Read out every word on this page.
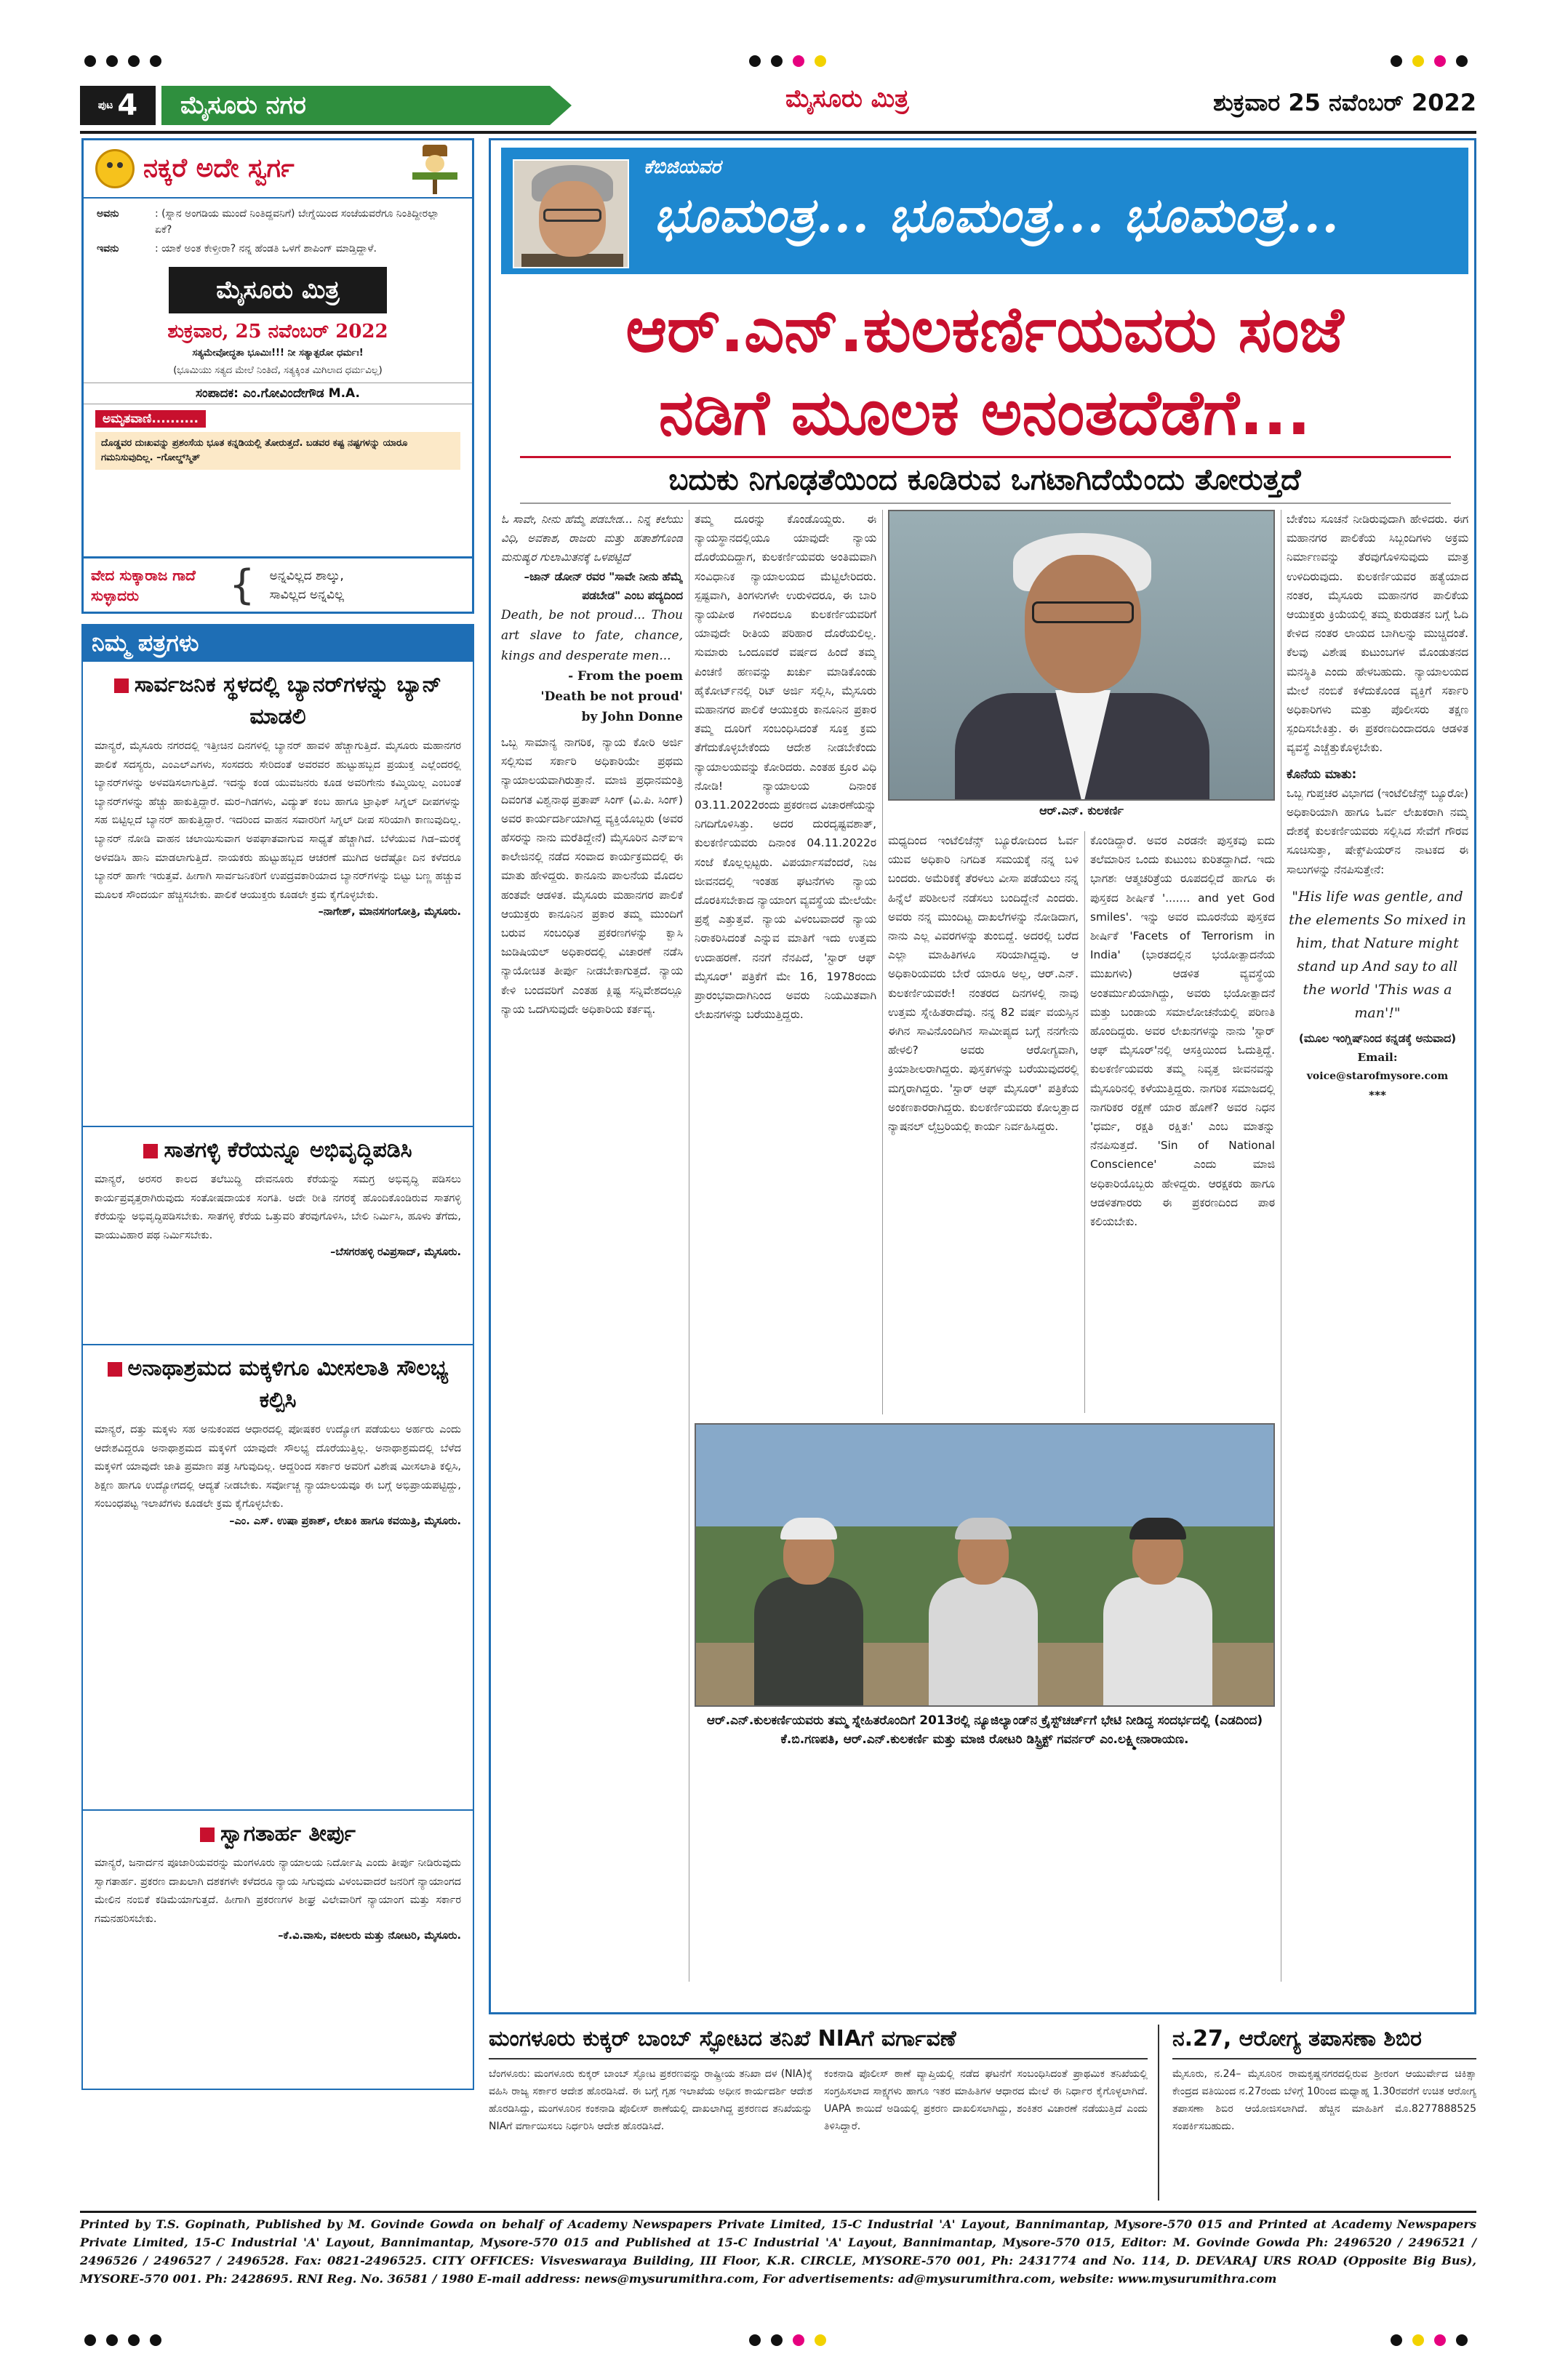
ಪುಟ 4 ಮೈಸೂರು ನಗರ	ಮೈಸೂರು ಮಿತ್ರ	ಶುಕ್ರವಾರ 25 ನವೆಂಬರ್ 2022
ನಕ್ಕರೆ ಅದೇ ಸ್ವರ್ಗ
ಅವನು	: (ಸ್ನಾನ ಅಂಗಡಿಯ ಮುಂದೆ ನಿಂತಿದ್ದವನಿಗೆ) ಬೇಗ್ನೆಯಿಂದ ಸಂಜೆಯವರೆಗೂ ನಿಂತಿದ್ದೀರಲ್ಲಾ ಏಕೆ?
ಇವನು	: ಯಾಕೆ ಅಂತ ಕೇಳ್ತೀರಾ? ನನ್ನ ಹೆಂಡತಿ ಒಳಗೆ ಶಾಪಿಂಗ್ ಮಾಡ್ತಿದ್ದಾಳೆ.
ಮೈಸೂರು ಮಿತ್ರ
ಶುಕ್ರವಾರ, 25 ನವೆಂಬರ್ 2022
ಸತ್ಯಮೇವೋದ್ಧತಾ ಭೂಮಿಃ!!! ನೀ ಸತ್ಯಾತ್ಪರೋ ಧರ್ಮಃ!
(ಭೂಮಿಯು ಸತ್ಯದ ಮೇಲೆ ನಿಂತಿದೆ, ಸತ್ಯಕ್ಕಿಂತ ಮಿಗಿಲಾದ ಧರ್ಮವಿಲ್ಲ)
ಸಂಪಾದಕ: ಎಂ.ಗೋವಿಂದೇಗೌಡ M.A.
ಅಮೃತವಾಣಿ..........
ದೊಡ್ಡವರ ದುಃಖವನ್ನು ಪ್ರಶಂಸೆಯ ಭೂತ ಕನ್ನಡಿಯಲ್ಲಿ ತೋರುತ್ತದೆ. ಬಡವರ ಕಷ್ಟ ನಷ್ಟಗಳನ್ನು ಯಾರೂ ಗಮನಿಸುವುದಿಲ್ಲ. –ಗೋಲ್ಡ್‌ಸ್ಮಿತ್
ವೇದ ಸುಕ್ಕಾರಾಜ ಗಾದೆ ಸುಳ್ಳಾದರು	{ ಅನ್ನವಿಲ್ಲದ ಶಾಲ್ಕು,
ಸಾವಿಲ್ಲದ ಅನ್ನವಿಲ್ಲ
ನಿಮ್ಮ ಪತ್ರಗಳು
ಸಾರ್ವಜನಿಕ ಸ್ಥಳದಲ್ಲಿ ಬ್ಯಾನರ್‌ಗಳನ್ನು ಬ್ಯಾನ್ ಮಾಡಲಿ
ಮಾನ್ಯರೆ, ಮೈಸೂರು ನಗರದಲ್ಲಿ ಇತ್ತೀಚಿನ ದಿನಗಳಲ್ಲಿ ಬ್ಯಾನರ್ ಹಾವಳಿ ಹೆಚ್ಚಾಗುತ್ತಿದೆ. ಮೈಸೂರು ಮಹಾನಗರ ಪಾಲಿಕೆ ಸದಸ್ಯರು, ಎಂಎಲ್‌ಎಗಳು, ಸಂಸದರು ಸೇರಿದಂತೆ ಅವರವರ ಹುಟ್ಟುಹಬ್ಬದ ಪ್ರಯುಕ್ತ ಎಲ್ಲೆಂದರಲ್ಲಿ ಬ್ಯಾನರ್‌ಗಳನ್ನು ಅಳವಡಿಸಲಾಗುತ್ತಿದೆ. ಇದನ್ನು ಕಂಡ ಯುವಜನರು ಕೂಡ ಅವರಿಗೇನು ಕಮ್ಮಿಯಿಲ್ಲ ಎಂಬಂತೆ ಬ್ಯಾನರ್‌ಗಳನ್ನು ಹೆಚ್ಚು ಹಾಕುತ್ತಿದ್ದಾರೆ. ಮರ–ಗಿಡಗಳು, ವಿದ್ಯುತ್ ಕಂಬ ಹಾಗೂ ಟ್ರಾಫಿಕ್ ಸಿಗ್ನಲ್ ದೀಪಗಳನ್ನು ಸಹ ಬಿಟ್ಟಿಲ್ಲದೆ ಬ್ಯಾನರ್ ಹಾಕುತ್ತಿದ್ದಾರೆ. ಇದರಿಂದ ವಾಹನ ಸವಾರರಿಗೆ ಸಿಗ್ನಲ್ ದೀಪ ಸರಿಯಾಗಿ ಕಾಣುವುದಿಲ್ಲ. ಬ್ಯಾನರ್ ನೋಡಿ ವಾಹನ ಚಲಾಯಿಸುವಾಗ ಅಪಘಾತವಾಗುವ ಸಾಧ್ಯತೆ ಹೆಚ್ಚಾಗಿದೆ. ಬೆಳೆಯುವ ಗಿಡ–ಮರಕ್ಕೆ ಅಳವಡಿಸಿ ಹಾನಿ ಮಾಡಲಾಗುತ್ತಿದೆ. ನಾಯಕರು ಹುಟ್ಟುಹಬ್ಬದ ಆಚರಣೆ ಮುಗಿದ ಅದೆಷ್ಟೋ ದಿನ ಕಳೆದರೂ ಬ್ಯಾನರ್ ಹಾಗೇ ಇರುತ್ತವೆ. ಹೀಗಾಗಿ ಸಾರ್ವಜನಿಕರಿಗೆ ಉಪದ್ರವಕಾರಿಯಾದ ಬ್ಯಾನರ್‌ಗಳನ್ನು ಬಿಟ್ಟು ಬಣ್ಣ ಹಚ್ಚುವ ಮೂಲಕ ಸೌಂದರ್ಯ ಹೆಚ್ಚಿಸಬೇಕು. ಪಾಲಿಕೆ ಆಯುಕ್ತರು ಕೂಡಲೇ ಕ್ರಮ ಕೈಗೊಳ್ಳಬೇಕು.
–ನಾಗೇಶ್, ಮಾನಸಗಂಗೋತ್ರಿ, ಮೈಸೂರು.
ಸಾತಗಳ್ಳಿ ಕೆರೆಯನ್ನೂ ಅಭಿವೃದ್ಧಿಪಡಿಸಿ
ಮಾನ್ಯರೆ, ಅರಸರ ಕಾಲದ ತಲೆಬುದ್ಧಿ ದೇವನೂರು ಕೆರೆಯನ್ನು ಸಮಗ್ರ ಅಭಿವೃದ್ಧಿ ಪಡಿಸಲು ಕಾರ್ಯಪ್ರವೃತ್ತರಾಗಿರುವುದು ಸಂತೋಷದಾಯಕ ಸಂಗತಿ. ಅದೇ ರೀತಿ ನಗರಕ್ಕೆ ಹೊಂದಿಕೊಂಡಿರುವ ಸಾತಗಳ್ಳಿ ಕೆರೆಯನ್ನು ಅಭಿವೃದ್ಧಿಪಡಿಸಬೇಕು. ಸಾತಗಳ್ಳಿ ಕೆರೆಯ ಒತ್ತುವರಿ ತೆರವುಗೊಳಿಸಿ, ಬೇಲಿ ನಿರ್ಮಿಸಿ, ಹೂಳು ತೆಗೆದು, ವಾಯುವಿಹಾರ ಪಥ ನಿರ್ಮಿಸಬೇಕು.
–ಬೆಸಗರಹಳ್ಳಿ ರವಿಪ್ರಸಾದ್, ಮೈಸೂರು.
ಅನಾಥಾಶ್ರಮದ ಮಕ್ಕಳಿಗೂ ಮೀಸಲಾತಿ ಸೌಲಭ್ಯ ಕಲ್ಪಿಸಿ
ಮಾನ್ಯರೆ, ದತ್ತು ಮಕ್ಕಳು ಸಹ ಅನುಕಂಪದ ಆಧಾರದಲ್ಲಿ ಪೋಷಕರ ಉದ್ಯೋಗ ಪಡೆಯಲು ಅರ್ಹರು ಎಂದು ಆದೇಶವಿದ್ದರೂ ಅನಾಥಾಶ್ರಮದ ಮಕ್ಕಳಿಗೆ ಯಾವುದೇ ಸೌಲಭ್ಯ ದೊರೆಯುತ್ತಿಲ್ಲ. ಅನಾಥಾಶ್ರಮದಲ್ಲಿ ಬೆಳೆದ ಮಕ್ಕಳಿಗೆ ಯಾವುದೇ ಜಾತಿ ಪ್ರಮಾಣ ಪತ್ರ ಸಿಗುವುದಿಲ್ಲ. ಆದ್ದರಿಂದ ಸರ್ಕಾರ ಅವರಿಗೆ ವಿಶೇಷ ಮೀಸಲಾತಿ ಕಲ್ಪಿಸಿ, ಶಿಕ್ಷಣ ಹಾಗೂ ಉದ್ಯೋಗದಲ್ಲಿ ಆದ್ಯತೆ ನೀಡಬೇಕು. ಸರ್ವೋಚ್ಚ ನ್ಯಾಯಾಲಯವೂ ಈ ಬಗ್ಗೆ ಅಭಿಪ್ರಾಯಪಟ್ಟಿದ್ದು, ಸಂಬಂಧಪಟ್ಟ ಇಲಾಖೆಗಳು ಕೂಡಲೇ ಕ್ರಮ ಕೈಗೊಳ್ಳಬೇಕು.
–ಎಂ. ಎಸ್. ಉಷಾ ಪ್ರಕಾಶ್, ಲೇಖಕಿ ಹಾಗೂ ಕವಯಿತ್ರಿ, ಮೈಸೂರು.
ಸ್ವಾಗತಾರ್ಹ ತೀರ್ಪು
ಮಾನ್ಯರೆ, ಜನಾರ್ದನ ಪೂಜಾರಿಯವರನ್ನು ಮಂಗಳೂರು ನ್ಯಾಯಾಲಯ ನಿರ್ದೋಷಿ ಎಂದು ತೀರ್ಪು ನೀಡಿರುವುದು ಸ್ವಾಗತಾರ್ಹ. ಪ್ರಕರಣ ದಾಖಲಾಗಿ ದಶಕಗಳೇ ಕಳೆದರೂ ನ್ಯಾಯ ಸಿಗುವುದು ವಿಳಂಬವಾದರೆ ಜನರಿಗೆ ನ್ಯಾಯಾಂಗದ ಮೇಲಿನ ನಂಬಿಕೆ ಕಡಿಮೆಯಾಗುತ್ತದೆ. ಹೀಗಾಗಿ ಪ್ರಕರಣಗಳ ಶೀಘ್ರ ವಿಲೇವಾರಿಗೆ ನ್ಯಾಯಾಂಗ ಮತ್ತು ಸರ್ಕಾರ ಗಮನಹರಿಸಬೇಕು.
–ಕೆ.ವಿ.ವಾಸು, ವಕೀಲರು ಮತ್ತು ನೋಟರಿ, ಮೈಸೂರು.
ಕೆಬಿಜಿಯವರ
ಭೂಮಂತ್ರ... ಭೂಮಂತ್ರ... ಭೂಮಂತ್ರ...
ಆರ್.ಎನ್.ಕುಲಕರ್ಣಿಯವರು ಸಂಜೆ
ನಡಿಗೆ ಮೂಲಕ ಅನಂತದೆಡೆಗೆ...
ಬದುಕು ನಿಗೂಢತೆಯಿಂದ ಕೂಡಿರುವ ಒಗಟಾಗಿದೆಯೆಂದು ತೋರುತ್ತದೆ

ಓ ಸಾವೇ, ನೀನು ಹೆಮ್ಮೆ ಪಡಬೇಡ... ನಿನ್ನ ಕಲೆಯು ವಿಧಿ, ಅವಕಾಶ, ರಾಜರು ಮತ್ತು ಹತಾಶೆಗೊಂಡ ಮನುಷ್ಯರ ಗುಲಾಮಿತನಕ್ಕೆ ಒಳಪಟ್ಟಿದೆ

–ಜಾನ್ ಡೋನ್ ರವರ "ಸಾವೇ ನೀನು ಹೆಮ್ಮೆ ಪಡಬೇಡ" ಎಂಬ ಪದ್ಯದಿಂದ

Death, be not proud... Thou art slave to fate, chance, kings and desperate men...

- From the poem

'Death be not proud'

by John Donne

ಒಬ್ಬ ಸಾಮಾನ್ಯ ನಾಗರಿಕ, ನ್ಯಾಯ ಕೋರಿ ಅರ್ಜಿ ಸಲ್ಲಿಸುವ ಸರ್ಕಾರಿ ಅಧಿಕಾರಿಯೇ ಪ್ರಥಮ ನ್ಯಾಯಾಲಯವಾಗಿರುತ್ತಾನೆ. ಮಾಜಿ ಪ್ರಧಾನಮಂತ್ರಿ ದಿವಂಗತ ವಿಶ್ವನಾಥ ಪ್ರತಾಪ್ ಸಿಂಗ್ (ವಿ.ಪಿ. ಸಿಂಗ್) ಅವರ ಕಾರ್ಯದರ್ಶಿಯಾಗಿದ್ದ ವ್ಯಕ್ತಿಯೊಬ್ಬರು (ಅವರ ಹೆಸರನ್ನು ನಾನು ಮರೆತಿದ್ದೇನೆ) ಮೈಸೂರಿನ ಎನ್‌ಐಇ ಕಾಲೇಜಿನಲ್ಲಿ ನಡೆದ ಸಂವಾದ ಕಾರ್ಯಕ್ರಮದಲ್ಲಿ ಈ ಮಾತು ಹೇಳಿದ್ದರು. ಕಾನೂನು ಪಾಲನೆಯ ಮೊದಲ ಹಂತವೇ ಆಡಳಿತ. ಮೈಸೂರು ಮಹಾನಗರ ಪಾಲಿಕೆ ಆಯುಕ್ತರು ಕಾನೂನಿನ ಪ್ರಕಾರ ತಮ್ಮ ಮುಂದಿಗೆ ಬರುವ ಸಂಬಂಧಿತ ಪ್ರಕರಣಗಳನ್ನು ಕ್ವಾಸಿ ಜುಡಿಷಿಯಲ್ ಅಧಿಕಾರದಲ್ಲಿ ವಿಚಾರಣೆ ನಡೆಸಿ ನ್ಯಾಯೋಚಿತ ತೀರ್ಪು ನೀಡಬೇಕಾಗುತ್ತದೆ. ನ್ಯಾಯ ಕೇಳಿ ಬಂದವರಿಗೆ ಎಂತಹ ಕ್ಲಿಷ್ಟ ಸನ್ನಿವೇಶದಲ್ಲೂ ನ್ಯಾಯ ಒದಗಿಸುವುದೇ ಅಧಿಕಾರಿಯ ಕರ್ತವ್ಯ.

ತಮ್ಮ ದೂರನ್ನು ಕೊಂಡೊಯ್ದರು. ಈ ನ್ಯಾಯಸ್ಥಾನದಲ್ಲಿಯೂ ಯಾವುದೇ ನ್ಯಾಯ ದೊರೆಯದಿದ್ದಾಗ, ಕುಲಕರ್ಣಿಯವರು ಅಂತಿಮವಾಗಿ ಸಂವಿಧಾನಿಕ ನ್ಯಾಯಾಲಯದ ಮೆಟ್ಟಿಲೇರಿದರು. ಸ್ಪಷ್ಟವಾಗಿ, ತಿಂಗಳುಗಳೇ ಉರುಳಿದರೂ, ಈ ಬಾರಿ ನ್ಯಾಯಪೀಠ ಗಳಿಂದಲೂ ಕುಲಕರ್ಣಿಯವರಿಗೆ ಯಾವುದೇ ರೀತಿಯ ಪರಿಹಾರ ದೊರೆಯಲಿಲ್ಲ. ಸುಮಾರು ಒಂದೂವರೆ ವರ್ಷದ ಹಿಂದೆ ತಮ್ಮ ಪಿಂಚಣಿ ಹಣವನ್ನು ಖರ್ಚು ಮಾಡಿಕೊಂಡು ಹೈಕೋರ್ಟ್‌ನಲ್ಲಿ ರಿಟ್ ಅರ್ಜಿ ಸಲ್ಲಿಸಿ, ಮೈಸೂರು ಮಹಾನಗರ ಪಾಲಿಕೆ ಆಯುಕ್ತರು ಕಾನೂನಿನ ಪ್ರಕಾರ ತಮ್ಮ ದೂರಿಗೆ ಸಂಬಂಧಿಸಿದಂತೆ ಸೂಕ್ತ ಕ್ರಮ ತೆಗೆದುಕೊಳ್ಳಬೇಕೆಂದು ಆದೇಶ ನೀಡಬೇಕೆಂದು ನ್ಯಾಯಾಲಯವನ್ನು ಕೋರಿದರು. ಎಂತಹ ಕ್ರೂರ ವಿಧಿ ನೋಡಿ! ನ್ಯಾಯಾಲಯ ದಿನಾಂಕ 03.11.2022ರಂದು ಪ್ರಕರಣದ ವಿಚಾರಣೆಯನ್ನು ನಿಗದಿಗೊಳಿಸಿತ್ತು. ಅದರ ದುರದೃಷ್ಟವಶಾತ್, ಕುಲಕರ್ಣಿಯವರು ದಿನಾಂಕ 04.11.2022ರ ಸಂಜೆ ಕೊಲ್ಲಲ್ಪಟ್ಟರು. ವಿಪರ್ಯಾಸವೆಂದರೆ, ನಿಜ ಜೀವನದಲ್ಲಿ ಇಂತಹ ಘಟನೆಗಳು ನ್ಯಾಯ ದೊರಕಿಸಬೇಕಾದ ನ್ಯಾಯಾಂಗ ವ್ಯವಸ್ಥೆಯ ಮೇಲೆಯೇ ಪ್ರಶ್ನೆ ಎತ್ತುತ್ತವೆ. ನ್ಯಾಯ ವಿಳಂಬವಾದರೆ ನ್ಯಾಯ ನಿರಾಕರಿಸಿದಂತೆ ಎನ್ನುವ ಮಾತಿಗೆ ಇದು ಉತ್ತಮ ಉದಾಹರಣೆ. ನನಗೆ ನೆನಪಿದೆ, 'ಸ್ಟಾರ್ ಆಫ್ ಮೈಸೂರ್' ಪತ್ರಿಕೆಗೆ ಮೇ 16, 1978ರಂದು ಪ್ರಾರಂಭವಾದಾಗಿನಿಂದ ಅವರು ನಿಯಮಿತವಾಗಿ ಲೇಖನಗಳನ್ನು ಬರೆಯುತ್ತಿದ್ದರು.

ಆರ್.ಎನ್. ಕುಲಕರ್ಣಿ

ಮಧ್ಯದಿಂದ ಇಂಟೆಲಿಜೆನ್ಸ್ ಬ್ಯೂರೋದಿಂದ ಓರ್ವ ಯುವ ಅಧಿಕಾರಿ ನಿಗದಿತ ಸಮಯಕ್ಕೆ ನನ್ನ ಬಳಿ ಬಂದರು. ಅಮೆರಿಕಕ್ಕೆ ತೆರಳಲು ವೀಸಾ ಪಡೆಯಲು ನನ್ನ ಹಿನ್ನೆಲೆ ಪರಿಶೀಲನೆ ನಡೆಸಲು ಬಂದಿದ್ದೇನೆ ಎಂದರು. ಅವರು ನನ್ನ ಮುಂದಿಟ್ಟ ದಾಖಲೆಗಳನ್ನು ನೋಡಿದಾಗ, ನಾನು ಎಲ್ಲ ವಿವರಗಳನ್ನು ತುಂಬಿದ್ದೆ. ಅದರಲ್ಲಿ ಬರೆದ ಎಲ್ಲಾ ಮಾಹಿತಿಗಳೂ ಸರಿಯಾಗಿದ್ದವು. ಆ ಅಧಿಕಾರಿಯವರು ಬೇರೆ ಯಾರೂ ಅಲ್ಲ, ಆರ್.ಎನ್. ಕುಲಕರ್ಣಿಯವರೇ! ನಂತರದ ದಿನಗಳಲ್ಲಿ ನಾವು ಉತ್ತಮ ಸ್ನೇಹಿತರಾದೆವು. ನನ್ನ 82 ವರ್ಷ ವಯಸ್ಸಿನ ಈಗಿನ ಸಾವಿನೊಂದಿಗಿನ ಸಾಮೀಪ್ಯದ ಬಗ್ಗೆ ನನಗೇನು ಹೇಳಲಿ? ಅವರು ಆರೋಗ್ಯವಾಗಿ, ಕ್ರಿಯಾಶೀಲರಾಗಿದ್ದರು. ಪುಸ್ತಕಗಳನ್ನು ಬರೆಯುವುದರಲ್ಲಿ ಮಗ್ನರಾಗಿದ್ದರು. 'ಸ್ಟಾರ್ ಆಫ್ ಮೈಸೂರ್' ಪತ್ರಿಕೆಯ ಅಂಕಣಕಾರರಾಗಿದ್ದರು. ಕುಲಕರ್ಣಿಯವರು ಕೋಲ್ಕತ್ತಾದ ನ್ಯಾಷನಲ್ ಲೈಬ್ರರಿಯಲ್ಲಿ ಕಾರ್ಯ ನಿರ್ವಹಿಸಿದ್ದರು.

ಕೊಂಡಿದ್ದಾರೆ. ಅವರ ಎರಡನೇ ಪುಸ್ತಕವು ಐದು ತಲೆಮಾರಿನ ಒಂದು ಕುಟುಂಬ ಕುರಿತದ್ದಾಗಿದೆ. ಇದು ಭಾಗಶಃ ಆತ್ಮಚರಿತ್ರೆಯ ರೂಪದಲ್ಲಿದೆ ಹಾಗೂ ಈ ಪುಸ್ತಕದ ಶೀರ್ಷಿಕೆ '....... and yet God smiles'. ಇನ್ನು ಅವರ ಮೂರನೆಯ ಪುಸ್ತಕದ ಶೀರ್ಷಿಕೆ 'Facets of Terrorism in India' (ಭಾರತದಲ್ಲಿನ ಭಯೋತ್ಪಾದನೆಯ ಮುಖಗಳು) ಆಡಳಿತ ವ್ಯವಸ್ಥೆಯ ಅಂತರ್ಮುಖಿಯಾಗಿದ್ದು, ಅವರು ಭಯೋತ್ಪಾದನೆ ಮತ್ತು ಬಂಡಾಯ ಸಮಾಲೋಚನೆಯಲ್ಲಿ ಪರಿಣತಿ ಹೊಂದಿದ್ದರು. ಅವರ ಲೇಖನಗಳನ್ನು ನಾನು 'ಸ್ಟಾರ್ ಆಫ್ ಮೈಸೂರ್'ನಲ್ಲಿ ಆಸಕ್ತಿಯಿಂದ ಓದುತ್ತಿದ್ದೆ. ಕುಲಕರ್ಣಿಯವರು ತಮ್ಮ ನಿವೃತ್ತ ಜೀವನವನ್ನು ಮೈಸೂರಿನಲ್ಲಿ ಕಳೆಯುತ್ತಿದ್ದರು. ನಾಗರಿಕ ಸಮಾಜದಲ್ಲಿ ನಾಗರಿಕರ ರಕ್ಷಣೆ ಯಾರ ಹೊಣೆ? ಅವರ ನಿಧನ 'ಧರ್ಮ, ರಕ್ಷತಿ ರಕ್ಷಿತಃ' ಎಂಬ ಮಾತನ್ನು ನೆನಪಿಸುತ್ತದೆ. 'Sin of National Conscience' ಎಂದು ಮಾಜಿ ಅಧಿಕಾರಿಯೊಬ್ಬರು ಹೇಳಿದ್ದರು. ಆರಕ್ಷಕರು ಹಾಗೂ ಆಡಳಿತಗಾರರು ಈ ಪ್ರಕರಣದಿಂದ ಪಾಠ ಕಲಿಯಬೇಕು.

ಬೇಕೆಂಬ ಸೂಚನೆ ನೀಡಿರುವುದಾಗಿ ಹೇಳಿದರು. ಈಗ ಮಹಾನಗರ ಪಾಲಿಕೆಯ ಸಿಬ್ಬಂದಿಗಳು ಅಕ್ರಮ ನಿರ್ಮಾಣವನ್ನು ತೆರವುಗೊಳಿಸುವುದು ಮಾತ್ರ ಉಳಿದಿರುವುದು. ಕುಲಕರ್ಣಿಯವರ ಹತ್ಯೆಯಾದ ನಂತರ, ಮೈಸೂರು ಮಹಾನಗರ ಪಾಲಿಕೆಯ ಆಯುಕ್ತರು ಕ್ರಿಯೆಯಲ್ಲಿ ತಮ್ಮ ಕುರುಡತನ ಬಗ್ಗೆ ಓದಿ ಕೇಳಿದ ನಂತರ ಲಾಯದ ಬಾಗಿಲನ್ನು ಮುಚ್ಚಿದಂತೆ. ಕೆಲವು ವಿಶೇಷ ಕುಟುಂಬಗಳ ಮೊಂಡುತನದ ಮನಸ್ಥಿತಿ ಎಂದು ಹೇಳಬಹುದು. ನ್ಯಾಯಾಲಯದ ಮೇಲೆ ನಂಬಿಕೆ ಕಳೆದುಕೊಂಡ ವ್ಯಕ್ತಿಗೆ ಸರ್ಕಾರಿ ಅಧಿಕಾರಿಗಳು ಮತ್ತು ಪೊಲೀಸರು ತಕ್ಷಣ ಸ್ಪಂದಿಸಬೇಕಿತ್ತು. ಈ ಪ್ರಕರಣದಿಂದಾದರೂ ಆಡಳಿತ ವ್ಯವಸ್ಥೆ ಎಚ್ಚೆತ್ತುಕೊಳ್ಳಬೇಕು.

ಕೊನೆಯ ಮಾತು:

ಒಬ್ಬ ಗುಪ್ತಚರ ವಿಭಾಗದ (ಇಂಟೆಲಿಜೆನ್ಸ್ ಬ್ಯೂರೋ) ಅಧಿಕಾರಿಯಾಗಿ ಹಾಗೂ ಓರ್ವ ಲೇಖಕರಾಗಿ ನಮ್ಮ ದೇಶಕ್ಕೆ ಕುಲಕರ್ಣಿಯವರು ಸಲ್ಲಿಸಿದ ಸೇವೆಗೆ ಗೌರವ ಸೂಚಿಸುತ್ತಾ, ಷೇಕ್ಸ್‌ಪಿಯರ್‌ನ ನಾಟಕದ ಈ ಸಾಲುಗಳನ್ನು ನೆನಪಿಸುತ್ತೇನೆ:

"His life was gentle, and the elements So mixed in him, that Nature might stand up And say to all the world 'This was a man'!"

(ಮೂಲ ಇಂಗ್ಲಿಷ್‌ನಿಂದ ಕನ್ನಡಕ್ಕೆ ಅನುವಾದ)

Email:

voice@starofmysore.com

***

ಆರ್.ಎನ್.ಕುಲಕರ್ಣಿಯವರು ತಮ್ಮ ಸ್ನೇಹಿತರೊಂದಿಗೆ 2013ರಲ್ಲಿ ನ್ಯೂಜಿಲ್ಯಾಂಡ್‌ನ ಕ್ರೈಸ್ಟ್‌ಚರ್ಚ್‌ಗೆ ಭೇಟಿ ನೀಡಿದ್ದ ಸಂದರ್ಭದಲ್ಲಿ (ಎಡದಿಂದ) ಕೆ.ಬಿ.ಗಣಪತಿ, ಆರ್.ಎನ್.ಕುಲಕರ್ಣಿ ಮತ್ತು ಮಾಜಿ ರೋಟರಿ ಡಿಸ್ಟ್ರಿಕ್ಟ್ ಗವರ್ನರ್ ಎಂ.ಲಕ್ಷ್ಮೀನಾರಾಯಣ.
ಮಂಗಳೂರು ಕುಕ್ಕರ್ ಬಾಂಬ್ ಸ್ಫೋಟದ ತನಿಖೆ NIAಗೆ ವರ್ಗಾವಣೆ
ಬೆಂಗಳೂರು: ಮಂಗಳೂರು ಕುಕ್ಕರ್ ಬಾಂಬ್ ಸ್ಫೋಟ ಪ್ರಕರಣವನ್ನು ರಾಷ್ಟ್ರೀಯ ತನಿಖಾ ದಳ (NIA)ಕ್ಕೆ ವಹಿಸಿ ರಾಜ್ಯ ಸರ್ಕಾರ ಆದೇಶ ಹೊರಡಿಸಿದೆ. ಈ ಬಗ್ಗೆ ಗೃಹ ಇಲಾಖೆಯ ಅಧೀನ ಕಾರ್ಯದರ್ಶಿ ಆದೇಶ ಹೊರಡಿಸಿದ್ದು, ಮಂಗಳೂರಿನ ಕಂಕನಾಡಿ ಪೊಲೀಸ್ ಠಾಣೆಯಲ್ಲಿ ದಾಖಲಾಗಿದ್ದ ಪ್ರಕರಣದ ತನಿಖೆಯನ್ನು NIAಗೆ ವರ್ಗಾಯಿಸಲು ನಿರ್ಧರಿಸಿ ಆದೇಶ ಹೊರಡಿಸಿದೆ.
ಕಂಕನಾಡಿ ಪೊಲೀಸ್ ಠಾಣೆ ವ್ಯಾಪ್ತಿಯಲ್ಲಿ ನಡೆದ ಘಟನೆಗೆ ಸಂಬಂಧಿಸಿದಂತೆ ಪ್ರಾಥಮಿಕ ತನಿಖೆಯಲ್ಲಿ ಸಂಗ್ರಹಿಸಲಾದ ಸಾಕ್ಷ್ಯಗಳು ಹಾಗೂ ಇತರ ಮಾಹಿತಿಗಳ ಆಧಾರದ ಮೇಲೆ ಈ ನಿರ್ಧಾರ ಕೈಗೊಳ್ಳಲಾಗಿದೆ. UAPA ಕಾಯಿದೆ ಅಡಿಯಲ್ಲಿ ಪ್ರಕರಣ ದಾಖಲಿಸಲಾಗಿದ್ದು, ಶಂಕಿತರ ವಿಚಾರಣೆ ನಡೆಯುತ್ತಿದೆ ಎಂದು ತಿಳಿಸಿದ್ದಾರೆ.
ನ.27, ಆರೋಗ್ಯ ತಪಾಸಣಾ ಶಿಬಿರ
ಮೈಸೂರು, ನ.24– ಮೈಸೂರಿನ ರಾಮಕೃಷ್ಣನಗರದಲ್ಲಿರುವ ಶ್ರೀರಂಗ ಆಯುರ್ವೇದ ಚಿಕಿತ್ಸಾ ಕೇಂದ್ರದ ವತಿಯಿಂದ ನ.27ರಂದು ಬೆಳಿಗ್ಗೆ 10ರಿಂದ ಮಧ್ಯಾಹ್ನ 1.30ರವರೆಗೆ ಉಚಿತ ಆರೋಗ್ಯ ತಪಾಸಣಾ ಶಿಬಿರ ಆಯೋಜಿಸಲಾಗಿದೆ. ಹೆಚ್ಚಿನ ಮಾಹಿತಿಗೆ ಮೊ.8277888525 ಸಂಪರ್ಕಿಸಬಹುದು.
Printed by T.S. Gopinath, Published by M. Govinde Gowda on behalf of Academy Newspapers Private Limited, 15-C Industrial 'A' Layout, Bannimantap, Mysore-570 015 and Printed at Academy Newspapers Private Limited, 15-C Industrial 'A' Layout, Bannimantap, Mysore-570 015 and Published at 15-C Industrial 'A' Layout, Bannimantap, Mysore-570 015, Editor: M. Govinde Gowda Ph: 2496520 / 2496521 / 2496526 / 2496527 / 2496528. Fax: 0821-2496525. CITY OFFICES: Visveswaraya Building, III Floor, K.R. CIRCLE, MYSORE-570 001, Ph: 2431774 and No. 114, D. DEVARAJ URS ROAD (Opposite Big Bus), MYSORE-570 001. Ph: 2428695. RNI Reg. No. 36581 / 1980 E-mail address: news@mysurumithra.com, For advertisements: ad@mysurumithra.com, website: www.mysurumithra.com
